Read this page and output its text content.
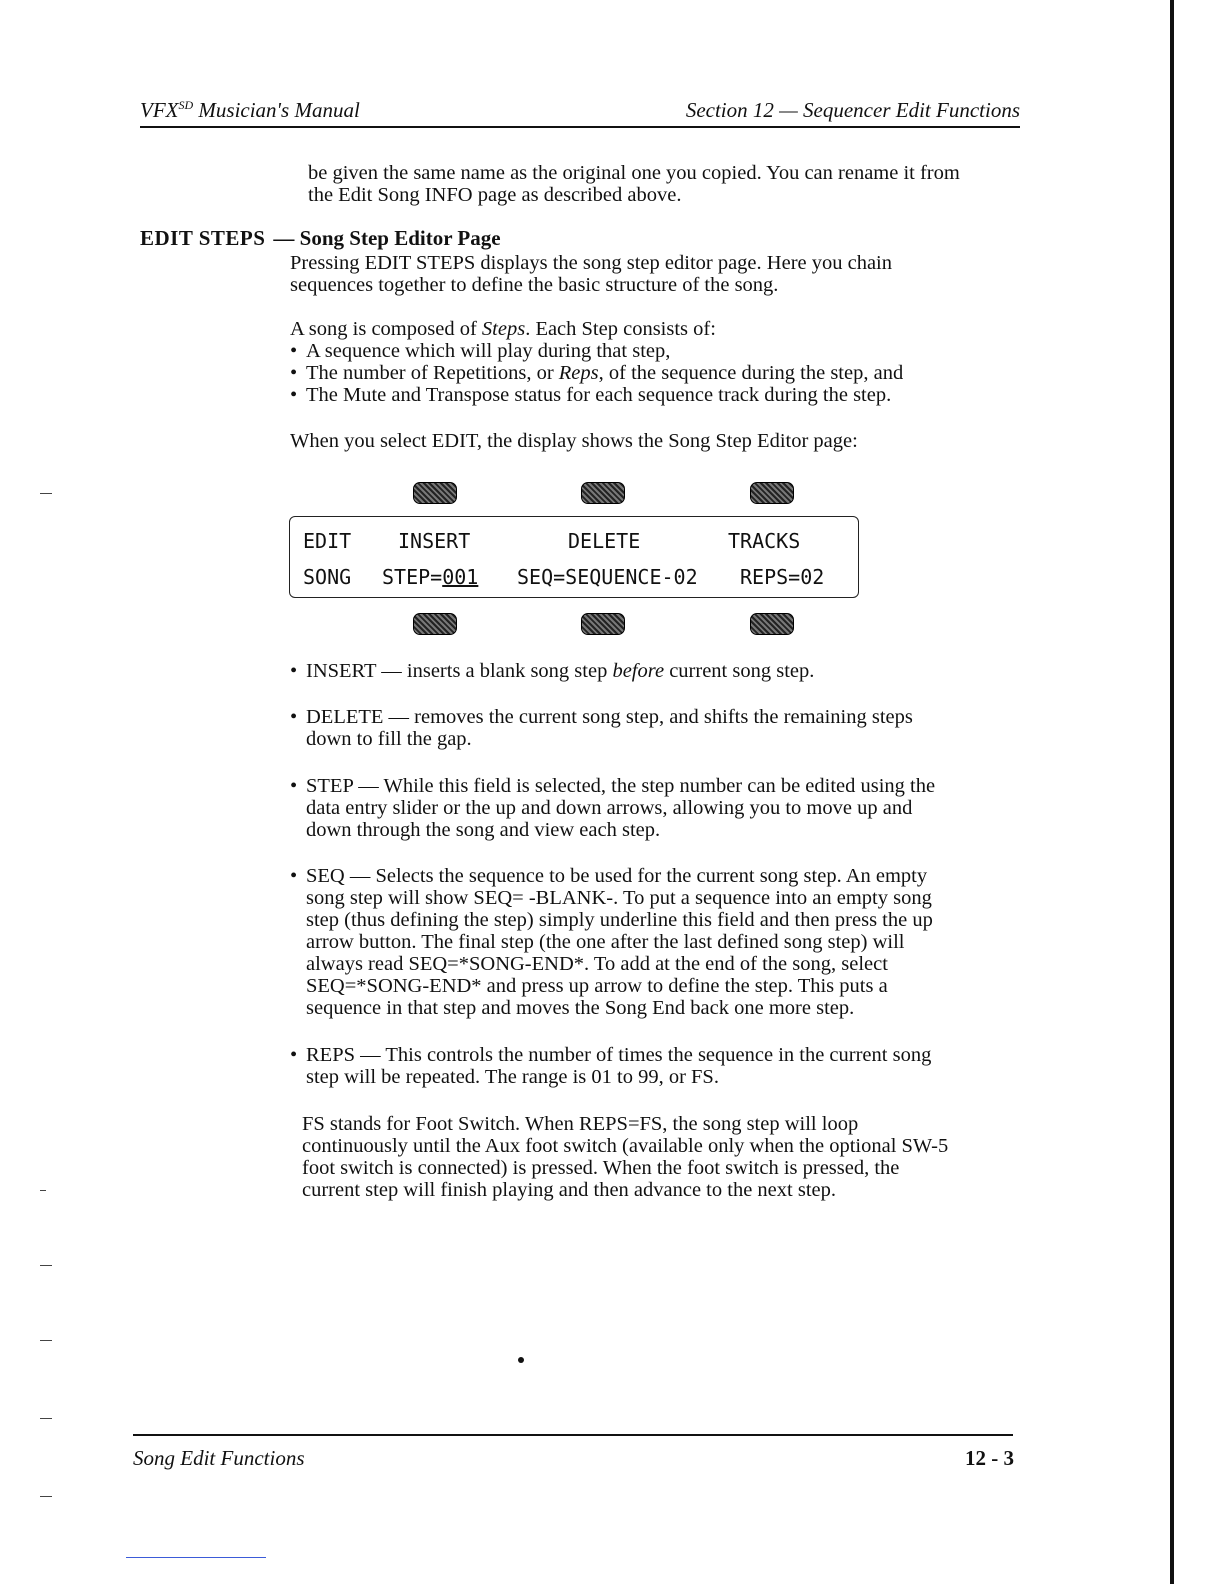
$VFX^{SD}$ Musician's Manual	Section 12 — Sequencer Edit Functions
be given the same name as the original one you copied. You can rename it from
the Edit Song INFO page as described above.
EDIT STEPS — Song Step Editor Page
Pressing EDIT STEPS displays the song step editor page. Here you chain
sequences together to define the basic structure of the song.
A song is composed of Steps. Each Step consists of:
• A sequence which will play during that step,
• The number of Repetitions, or Reps, of the sequence during the step, and
• The Mute and Transpose status for each sequence track during the step.
When you select EDIT, the display shows the Song Step Editor page:
EDIT INSERT	DELETE	TRACKS
SONG STEP=001 SEQ=SEQUENCE-02 REPS=02
• INSERT — inserts a blank song step before current song step.
• DELETE — removes the current song step, and shifts the remaining steps
down to fill the gap.
• STEP — While this field is selected, the step number can be edited using the
data entry slider or the up and down arrows, allowing you to move up and
down through the song and view each step.
• SEQ — Selects the sequence to be used for the current song step. An empty
song step will show SEQ= -BLANK-. To put a sequence into an empty song
step (thus defining the step) simply underline this field and then press the up
arrow button. The final step (the one after the last defined song step) will
always read SEQ=*SONG-END*. To add at the end of the song, select
SEQ=*SONG-END* and press up arrow to define the step. This puts a
sequence in that step and moves the Song End back one more step.
• REPS — This controls the number of times the sequence in the current song
step will be repeated. The range is 01 to 99, or FS.
FS stands for Foot Switch. When REPS=FS, the song step will loop
continuously until the Aux foot switch (available only when the optional SW-5
foot switch is connected) is pressed. When the foot switch is pressed, the
current step will finish playing and then advance to the next step.
Song Edit Functions	12 - 3
